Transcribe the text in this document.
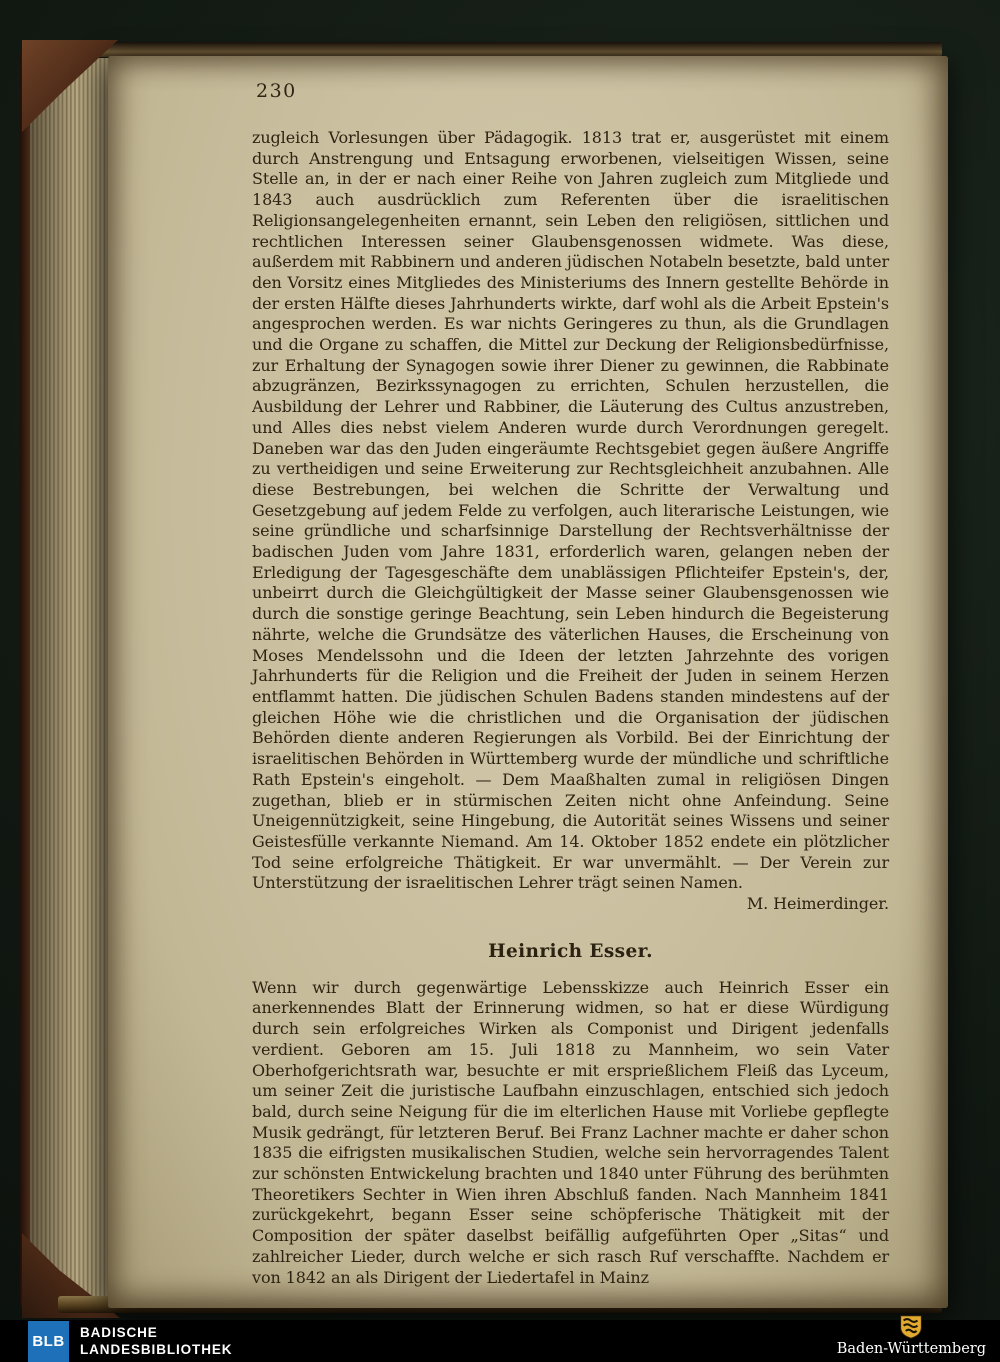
230

zugleich Vorlesungen über Pädagogik. 1813 trat er, ausgerüstet mit einem durch Anstrengung und Entsagung erworbenen, vielseitigen Wissen, seine Stelle an, in der er nach einer Reihe von Jahren zugleich zum Mitgliede und 1843 auch ausdrücklich zum Referenten über die israelitischen Religionsangelegenheiten ernannt, sein Leben den religiösen, sittlichen und rechtlichen Interessen seiner Glaubensgenossen widmete. Was diese, außerdem mit Rabbinern und anderen jüdischen Notabeln besetzte, bald unter den Vorsitz eines Mitgliedes des Ministeriums des Innern gestellte Behörde in der ersten Hälfte dieses Jahrhunderts wirkte, darf wohl als die Arbeit Epstein's angesprochen werden. Es war nichts Geringeres zu thun, als die Grundlagen und die Organe zu schaffen, die Mittel zur Deckung der Religionsbedürfnisse, zur Erhaltung der Synagogen sowie ihrer Diener zu gewinnen, die Rabbinate abzugränzen, Bezirkssynagogen zu errichten, Schulen herzustellen, die Ausbildung der Lehrer und Rabbiner, die Läuterung des Cultus anzustreben, und Alles dies nebst vielem Anderen wurde durch Verordnungen geregelt. Daneben war das den Juden eingeräumte Rechtsgebiet gegen äußere Angriffe zu vertheidigen und seine Erweiterung zur Rechtsgleichheit anzubahnen. Alle diese Bestrebungen, bei welchen die Schritte der Verwaltung und Gesetzgebung auf jedem Felde zu verfolgen, auch literarische Leistungen, wie seine gründliche und scharfsinnige Darstellung der Rechtsverhältnisse der badischen Juden vom Jahre 1831, erforderlich waren, gelangen neben der Erledigung der Tagesgeschäfte dem unablässigen Pflichteifer Epstein's, der, unbeirrt durch die Gleichgültigkeit der Masse seiner Glaubensgenossen wie durch die sonstige geringe Beachtung, sein Leben hindurch die Begeisterung nährte, welche die Grundsätze des väterlichen Hauses, die Erscheinung von Moses Mendelssohn und die Ideen der letzten Jahrzehnte des vorigen Jahrhunderts für die Religion und die Freiheit der Juden in seinem Herzen entflammt hatten. Die jüdischen Schulen Badens standen mindestens auf der gleichen Höhe wie die christlichen und die Organisation der jüdischen Behörden diente anderen Regierungen als Vorbild. Bei der Einrichtung der israelitischen Behörden in Württemberg wurde der mündliche und schriftliche Rath Epstein's eingeholt. — Dem Maaßhalten zumal in religiösen Dingen zugethan, blieb er in stürmischen Zeiten nicht ohne Anfeindung. Seine Uneigennützigkeit, seine Hingebung, die Autorität seines Wissens und seiner Geistesfülle verkannte Niemand. Am 14. Oktober 1852 endete ein plötzlicher Tod seine erfolgreiche Thätigkeit. Er war unvermählt. — Der Verein zur Unterstützung der israelitischen Lehrer trägt seinen Namen.
M. Heimerdinger.

Heinrich Esser.

Wenn wir durch gegenwärtige Lebensskizze auch Heinrich Esser ein anerkennendes Blatt der Erinnerung widmen, so hat er diese Würdigung durch sein erfolgreiches Wirken als Componist und Dirigent jedenfalls verdient. Geboren am 15. Juli 1818 zu Mannheim, wo sein Vater Oberhofgerichtsrath war, besuchte er mit ersprießlichem Fleiß das Lyceum, um seiner Zeit die juristische Laufbahn einzuschlagen, entschied sich jedoch bald, durch seine Neigung für die im elterlichen Hause mit Vorliebe gepflegte Musik gedrängt, für letzteren Beruf. Bei Franz Lachner machte er daher schon 1835 die eifrigsten musikalischen Studien, welche sein hervorragendes Talent zur schönsten Entwickelung brachten und 1840 unter Führung des berühmten Theoretikers Sechter in Wien ihren Abschluß fanden. Nach Mannheim 1841 zurückgekehrt, begann Esser seine schöpferische Thätigkeit mit der Composition der später daselbst beifällig aufgeführten Oper „Sitas“ und zahlreicher Lieder, durch welche er sich rasch Ruf verschaffte. Nachdem er von 1842 an als Dirigent der Liedertafel in Mainz

BLB BADISCHE
LANDESBIBLIOTHEK	Baden-Württemberg
